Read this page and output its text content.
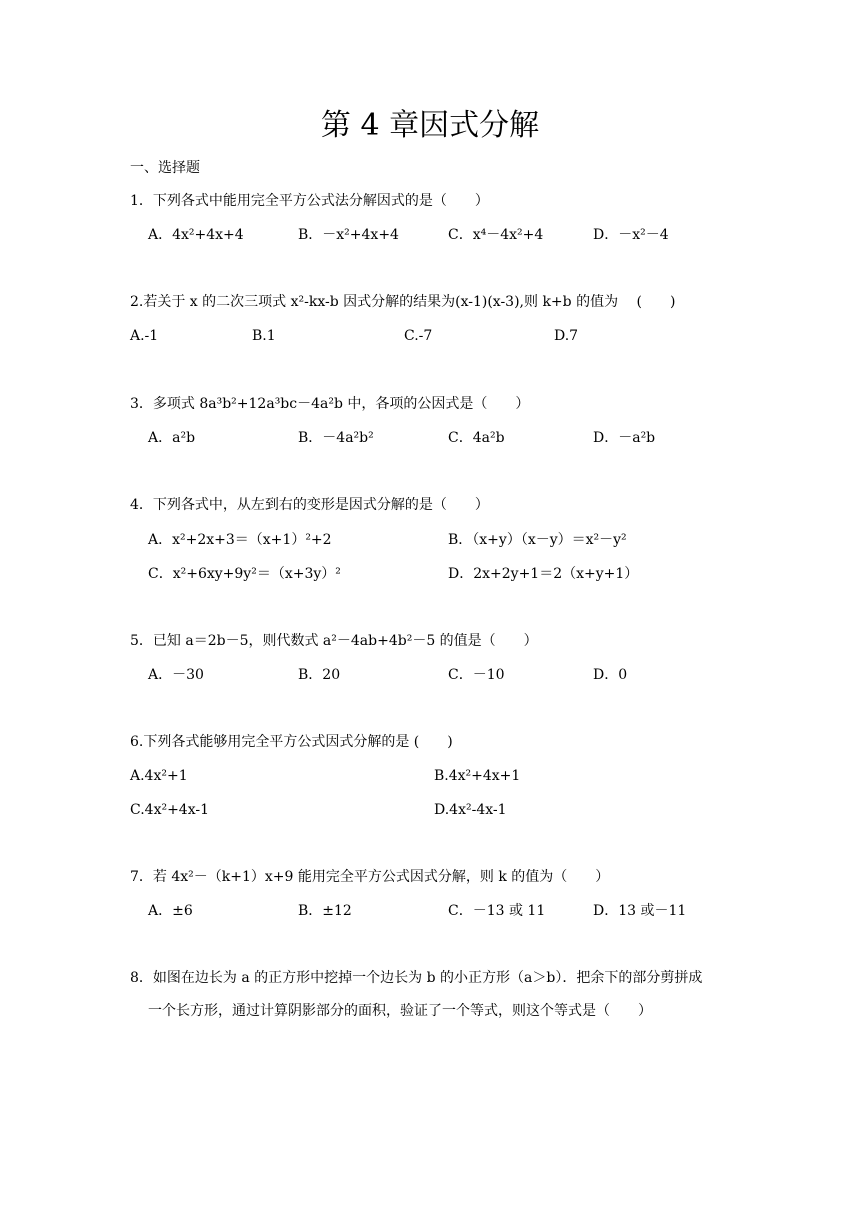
第 4 章因式分解
一、选择题
1．下列各式中能用完全平方公式法分解因式的是（　　）
A．4x²+4x+4	B．－x²+4x+4	C．x⁴－4x²+4	D．－x²－4
2.若关于 x 的二次三项式 x²-kx-b 因式分解的结果为(x-1)(x-3),则 k+b 的值为　 (　　)
A.-1	B.1	C.-7	D.7
3．多项式 8a³b²+12a³bc－4a²b 中，各项的公因式是（　　）
A．a²b	B．－4a²b²	C．4a²b	D．－a²b
4．下列各式中，从左到右的变形是因式分解的是（　　）
A．x²+2x+3＝（x+1）²+2	B．（x+y）（x－y）＝x²－y²
C．x²+6xy+9y²＝（x+3y）²	D．2x+2y+1＝2（x+y+1）
5．已知 a＝2b－5，则代数式 a²－4ab+4b²－5 的值是（　　）
A．－30	B．20	C．－10	D．0
6.下列各式能够用完全平方公式因式分解的是 (　　)
A.4x²+1	B.4x²+4x+1
C.4x²+4x-1	D.4x²-4x-1
7．若 4x²－（k+1）x+9 能用完全平方公式因式分解，则 k 的值为（　　）
A．±6	B．±12	C．－13 或 11	D．13 或－11
8．如图在边长为 a 的正方形中挖掉一个边长为 b 的小正方形（a＞b）．把余下的部分剪拼成
一个长方形，通过计算阴影部分的面积，验证了一个等式，则这个等式是（　　）
